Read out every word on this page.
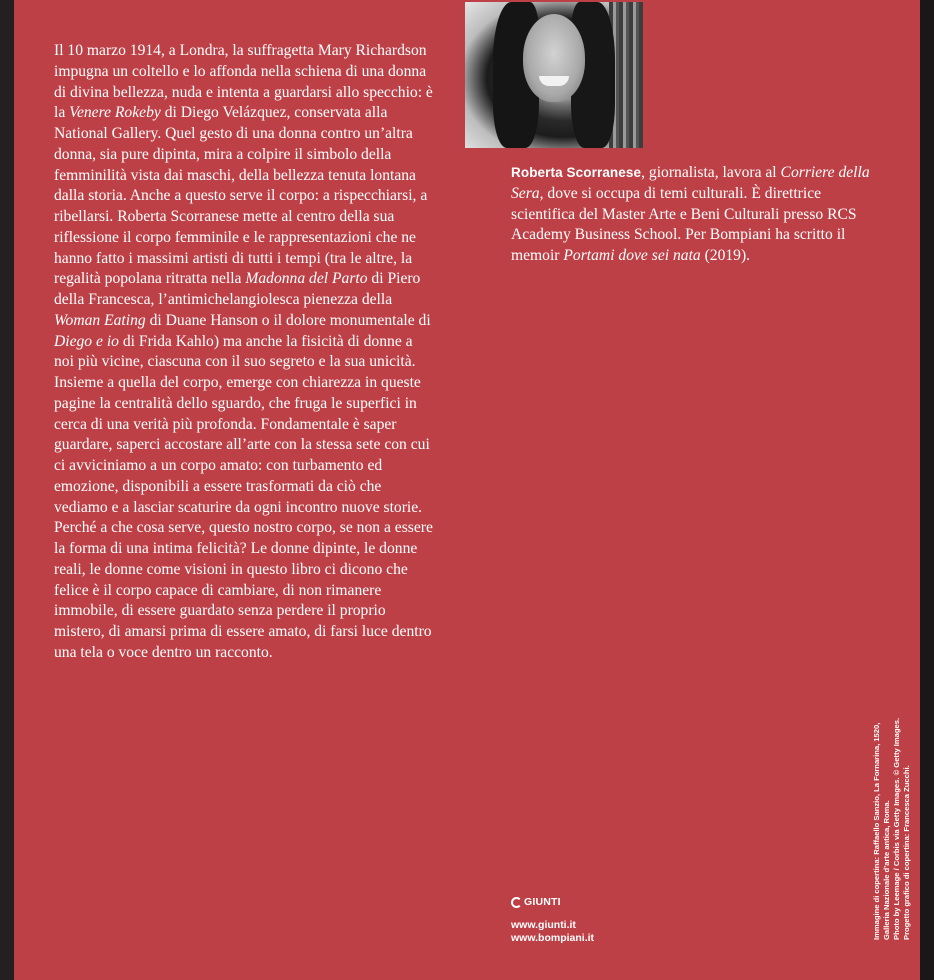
Il 10 marzo 1914, a Londra, la suffragetta Mary Richardson impugna un coltello e lo affonda nella schiena di una donna di divina bellezza, nuda e intenta a guardarsi allo specchio: è la Venere Rokeby di Diego Velázquez, conservata alla National Gallery. Quel gesto di una donna contro un’altra donna, sia pure dipinta, mira a colpire il simbolo della femminilità vista dai maschi, della bellezza tenuta lontana dalla storia. Anche a questo serve il corpo: a rispecchiarsi, a ribellarsi. Roberta Scorranese mette al centro della sua riflessione il corpo femminile e le rappresentazioni che ne hanno fatto i massimi artisti di tutti i tempi (tra le altre, la regalità popolana ritratta nella Madonna del Parto di Piero della Francesca, l’antimichelangiolesca pienezza della Woman Eating di Duane Hanson o il dolore monumentale di Diego e io di Frida Kahlo) ma anche la fisicità di donne a noi più vicine, ciascuna con il suo segreto e la sua unicità.

Insieme a quella del corpo, emerge con chiarezza in queste pagine la centralità dello sguardo, che fruga le superfici in cerca di una verità più profonda. Fondamentale è saper guardare, saperci accostare all’arte con la stessa sete con cui ci avviciniamo a un corpo amato: con turbamento ed emozione, disponibili a essere trasformati da ciò che vediamo e a lasciar scaturire da ogni incontro nuove storie.

Perché a che cosa serve, questo nostro corpo, se non a essere la forma di una intima felicità? Le donne dipinte, le donne reali, le donne come visioni in questo libro ci dicono che felice è il corpo capace di cambiare, di non rimanere immobile, di essere guardato senza perdere il proprio mistero, di amarsi prima di essere amato, di farsi luce dentro una tela o voce dentro un racconto.

Roberta Scorranese, giornalista, lavora al Corriere della Sera, dove si occupa di temi culturali. È direttrice scientifica del Master Arte e Beni Culturali presso RCS Academy Business School. Per Bompiani ha scritto il memoir Portami dove sei nata (2019).
Immagine di copertina: Raffaello Sanzio, La Fornarina, 1520, Galleria Nazionale d’arte antica, Roma. Photo by Leemage / Corbis via Getty Images. © Getty Images. Progetto grafico di copertina: Francesca Zucchi.
GIUNTI
www.giunti.it
www.bompiani.it
